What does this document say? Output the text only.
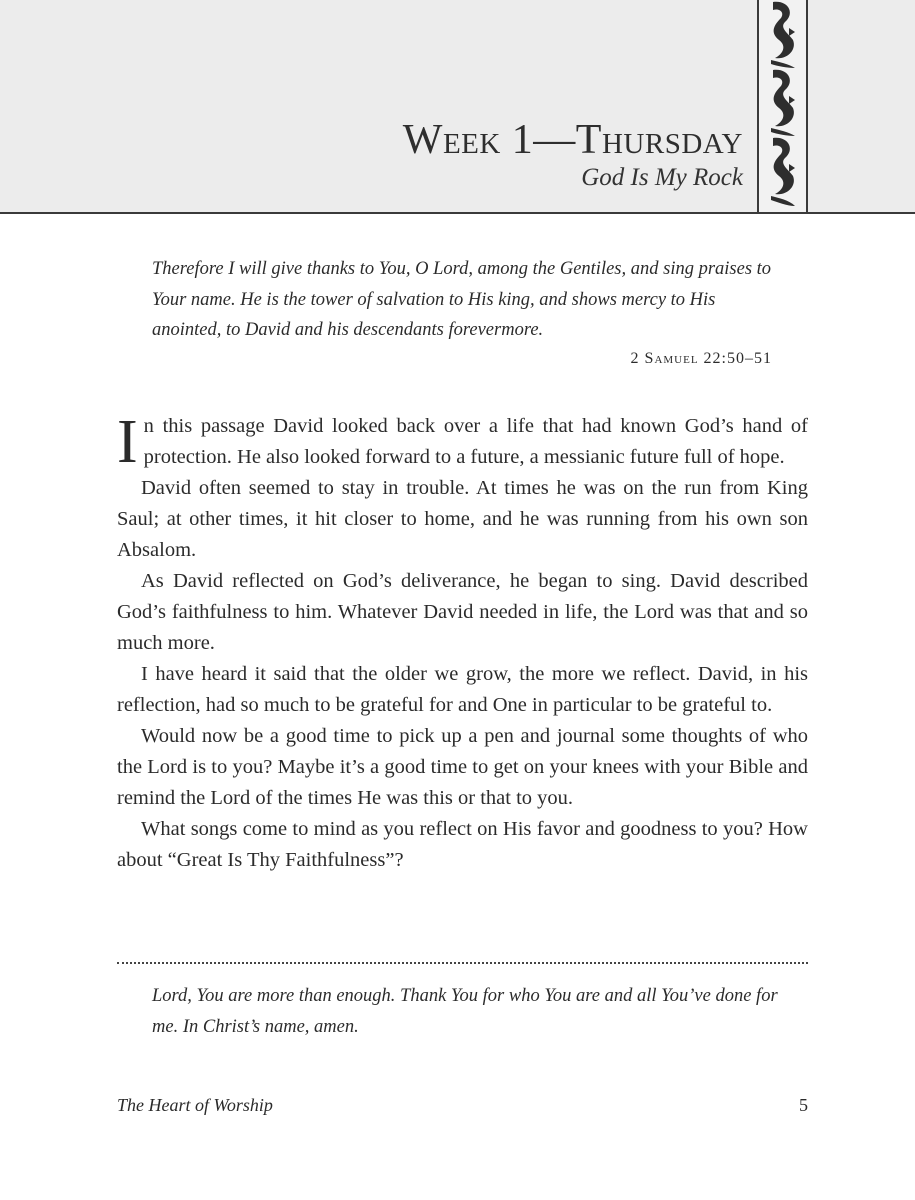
Week 1—Thursday
God Is My Rock
Therefore I will give thanks to You, O Lord, among the Gentiles, and sing praises to Your name. He is the tower of salvation to His king, and shows mercy to His anointed, to David and his descendants forevermore.
2 Samuel 22:50–51

In this passage David looked back over a life that had known God’s hand of protection. He also looked forward to a future, a messianic future full of hope.

David often seemed to stay in trouble. At times he was on the run from King Saul; at other times, it hit closer to home, and he was running from his own son Absalom.

As David reflected on God’s deliverance, he began to sing. David described God’s faithfulness to him. Whatever David needed in life, the Lord was that and so much more.

I have heard it said that the older we grow, the more we reflect. David, in his reflection, had so much to be grateful for and One in particular to be grateful to.

Would now be a good time to pick up a pen and journal some thoughts of who the Lord is to you? Maybe it’s a good time to get on your knees with your Bible and remind the Lord of the times He was this or that to you.

What songs come to mind as you reflect on His favor and goodness to you? How about “Great Is Thy Faithfulness”?

Lord, You are more than enough. Thank You for who You are and all You’ve done for me. In Christ’s name, amen.
The Heart of Worship	5
